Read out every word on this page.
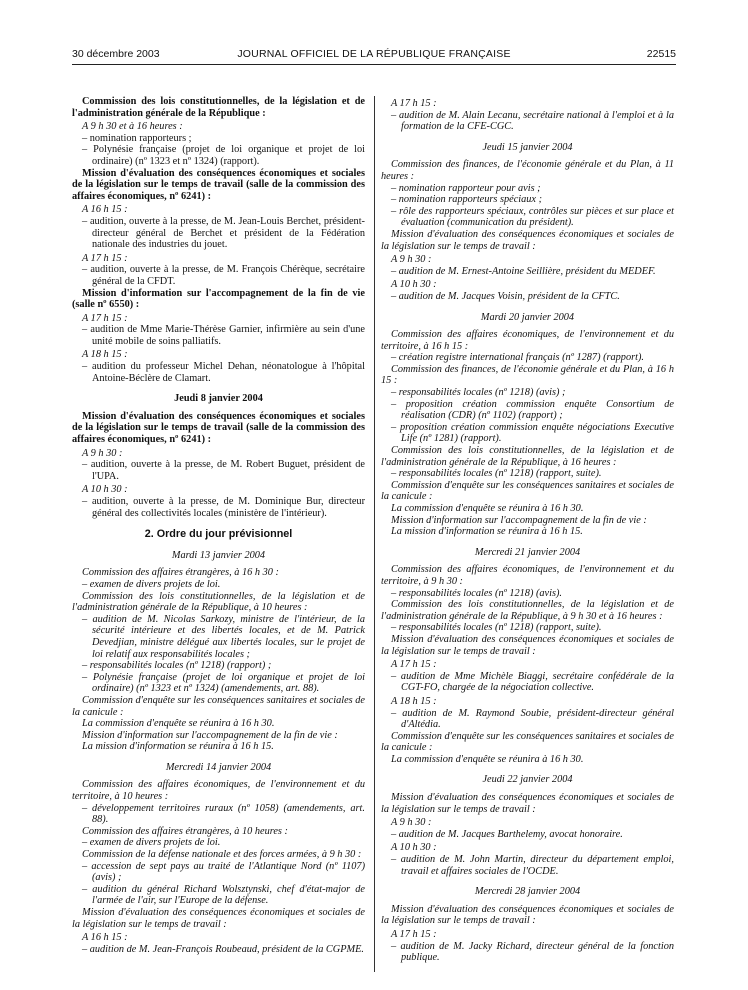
30 décembre 2003	JOURNAL OFFICIEL DE LA RÉPUBLIQUE FRANÇAISE	22515

Commission des lois constitutionnelles, de la législation et de l'administration générale de la République :

A 9 h 30 et à 16 heures :

– nomination rapporteurs ;

– Polynésie française (projet de loi organique et projet de loi ordinaire) (nº 1323 et nº 1324) (rapport).

Mission d'évaluation des conséquences économiques et sociales de la législation sur le temps de travail (salle de la commission des affaires économiques, nº 6241) :

A 16 h 15 :

– audition, ouverte à la presse, de M. Jean-Louis Berchet, président-directeur général de Berchet et président de la Fédération nationale des industries du jouet.

A 17 h 15 :

– audition, ouverte à la presse, de M. François Chérèque, secrétaire général de la CFDT.

Mission d'information sur l'accompagnement de la fin de vie (salle nº 6550) :

A 17 h 15 :

– audition de Mme Marie-Thérèse Garnier, infirmière au sein d'une unité mobile de soins palliatifs.

A 18 h 15 :

– audition du professeur Michel Dehan, néonatologue à l'hôpital Antoine-Béclère de Clamart.

Jeudi 8 janvier 2004

Mission d'évaluation des conséquences économiques et sociales de la législation sur le temps de travail (salle de la commission des affaires économiques, nº 6241) :

A 9 h 30 :

– audition, ouverte à la presse, de M. Robert Buguet, président de l'UPA.

A 10 h 30 :

– audition, ouverte à la presse, de M. Dominique Bur, directeur général des collectivités locales (ministère de l'intérieur).

2. Ordre du jour prévisionnel

Mardi 13 janvier 2004

Commission des affaires étrangères, à 16 h 30 :

– examen de divers projets de loi.

Commission des lois constitutionnelles, de la législation et de l'administration générale de la République, à 10 heures :

– audition de M. Nicolas Sarkozy, ministre de l'intérieur, de la sécurité intérieure et des libertés locales, et de M. Patrick Devedjian, ministre délégué aux libertés locales, sur le projet de loi relatif aux responsabilités locales ;

– responsabilités locales (nº 1218) (rapport) ;

– Polynésie française (projet de loi organique et projet de loi ordinaire) (nº 1323 et nº 1324) (amendements, art. 88).

Commission d'enquête sur les conséquences sanitaires et sociales de la canicule :

La commission d'enquête se réunira à 16 h 30.

Mission d'information sur l'accompagnement de la fin de vie :

La mission d'information se réunira à 16 h 15.

Mercredi 14 janvier 2004

Commission des affaires économiques, de l'environnement et du territoire, à 10 heures :

– développement territoires ruraux (nº 1058) (amendements, art. 88).

Commission des affaires étrangères, à 10 heures :

– examen de divers projets de loi.

Commission de la défense nationale et des forces armées, à 9 h 30 :

– accession de sept pays au traité de l'Atlantique Nord (nº 1107) (avis) ;

– audition du général Richard Wolsztynski, chef d'état-major de l'armée de l'air, sur l'Europe de la défense.

Mission d'évaluation des conséquences économiques et sociales de la législation sur le temps de travail :

A 16 h 15 :

– audition de M. Jean-François Roubeaud, président de la CGPME.

A 17 h 15 :

– audition de M. Alain Lecanu, secrétaire national à l'emploi et à la formation de la CFE-CGC.

Jeudi 15 janvier 2004

Commission des finances, de l'économie générale et du Plan, à 11 heures :

– nomination rapporteur pour avis ;

– nomination rapporteurs spéciaux ;

– rôle des rapporteurs spéciaux, contrôles sur pièces et sur place et évaluation (communication du président).

Mission d'évaluation des conséquences économiques et sociales de la législation sur le temps de travail :

A 9 h 30 :

– audition de M. Ernest-Antoine Seillière, président du MEDEF.

A 10 h 30 :

– audition de M. Jacques Voisin, président de la CFTC.

Mardi 20 janvier 2004

Commission des affaires économiques, de l'environnement et du territoire, à 16 h 15 :

– création registre international français (nº 1287) (rapport).

Commission des finances, de l'économie générale et du Plan, à 16 h 15 :

– responsabilités locales (nº 1218) (avis) ;

– proposition création commission enquête Consortium de réalisation (CDR) (nº 1102) (rapport) ;

– proposition création commission enquête négociations Executive Life (nº 1281) (rapport).

Commission des lois constitutionnelles, de la législation et de l'administration générale de la République, à 16 heures :

– responsabilités locales (nº 1218) (rapport, suite).

Commission d'enquête sur les conséquences sanitaires et sociales de la canicule :

La commission d'enquête se réunira à 16 h 30.

Mission d'information sur l'accompagnement de la fin de vie :

La mission d'information se réunira à 16 h 15.

Mercredi 21 janvier 2004

Commission des affaires économiques, de l'environnement et du territoire, à 9 h 30 :

– responsabilités locales (nº 1218) (avis).

Commission des lois constitutionnelles, de la législation et de l'administration générale de la République, à 9 h 30 et à 16 heures :

– responsabilités locales (nº 1218) (rapport, suite).

Mission d'évaluation des conséquences économiques et sociales de la législation sur le temps de travail :

A 17 h 15 :

– audition de Mme Michèle Biaggi, secrétaire confédérale de la CGT-FO, chargée de la négociation collective.

A 18 h 15 :

– audition de M. Raymond Soubie, président-directeur général d'Altédia.

Commission d'enquête sur les conséquences sanitaires et sociales de la canicule :

La commission d'enquête se réunira à 16 h 30.

Jeudi 22 janvier 2004

Mission d'évaluation des conséquences économiques et sociales de la législation sur le temps de travail :

A 9 h 30 :

– audition de M. Jacques Barthelemy, avocat honoraire.

A 10 h 30 :

– audition de M. John Martin, directeur du département emploi, travail et affaires sociales de l'OCDE.

Mercredi 28 janvier 2004

Mission d'évaluation des conséquences économiques et sociales de la législation sur le temps de travail :

A 17 h 15 :

– audition de M. Jacky Richard, directeur général de la fonction publique.
